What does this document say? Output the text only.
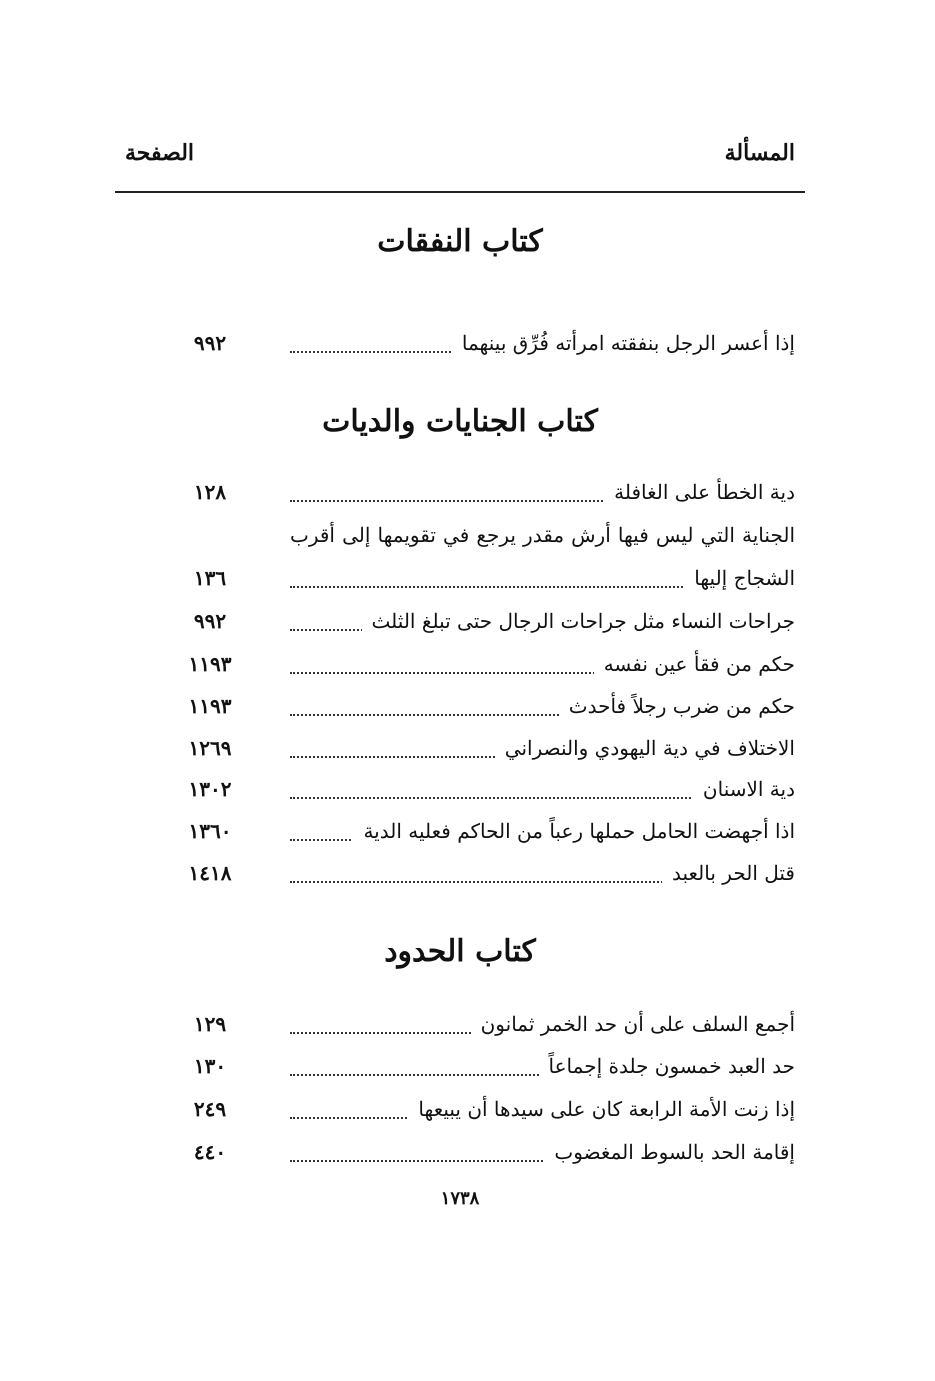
المسألة
الصفحة
كتاب النفقات
إذا أعسر الرجل بنفقته امرأته فُرِّق بينهما
٩٩٢
كتاب الجنايات والديات
دية الخطأ على الغافلة
١٢٨
الجناية التي ليس فيها أرش مقدر يرجع في تقويمها إلى أقرب
الشجاج إليها
١٣٦
جراحات النساء مثل جراحات الرجال حتى تبلغ الثلث
٩٩٢
حكم من فقأ عين نفسه
١١٩٣
حكم من ضرب رجلاً فأحدث
١١٩٣
الاختلاف في دية اليهودي والنصراني
١٢٦٩
دية الاسنان
١٣٠٢
اذا أجهضت الحامل حملها رعباً من الحاكم فعليه الدية
١٣٦٠
قتل الحر بالعبد
١٤١٨
كتاب الحدود
أجمع السلف على أن حد الخمر ثمانون
١٢٩
حد العبد خمسون جلدة إجماعاً
١٣٠
إذا زنت الأمة الرابعة كان على سيدها أن يبيعها
٢٤٩
إقامة الحد بالسوط المغضوب
٤٤٠
١٧٣٨
